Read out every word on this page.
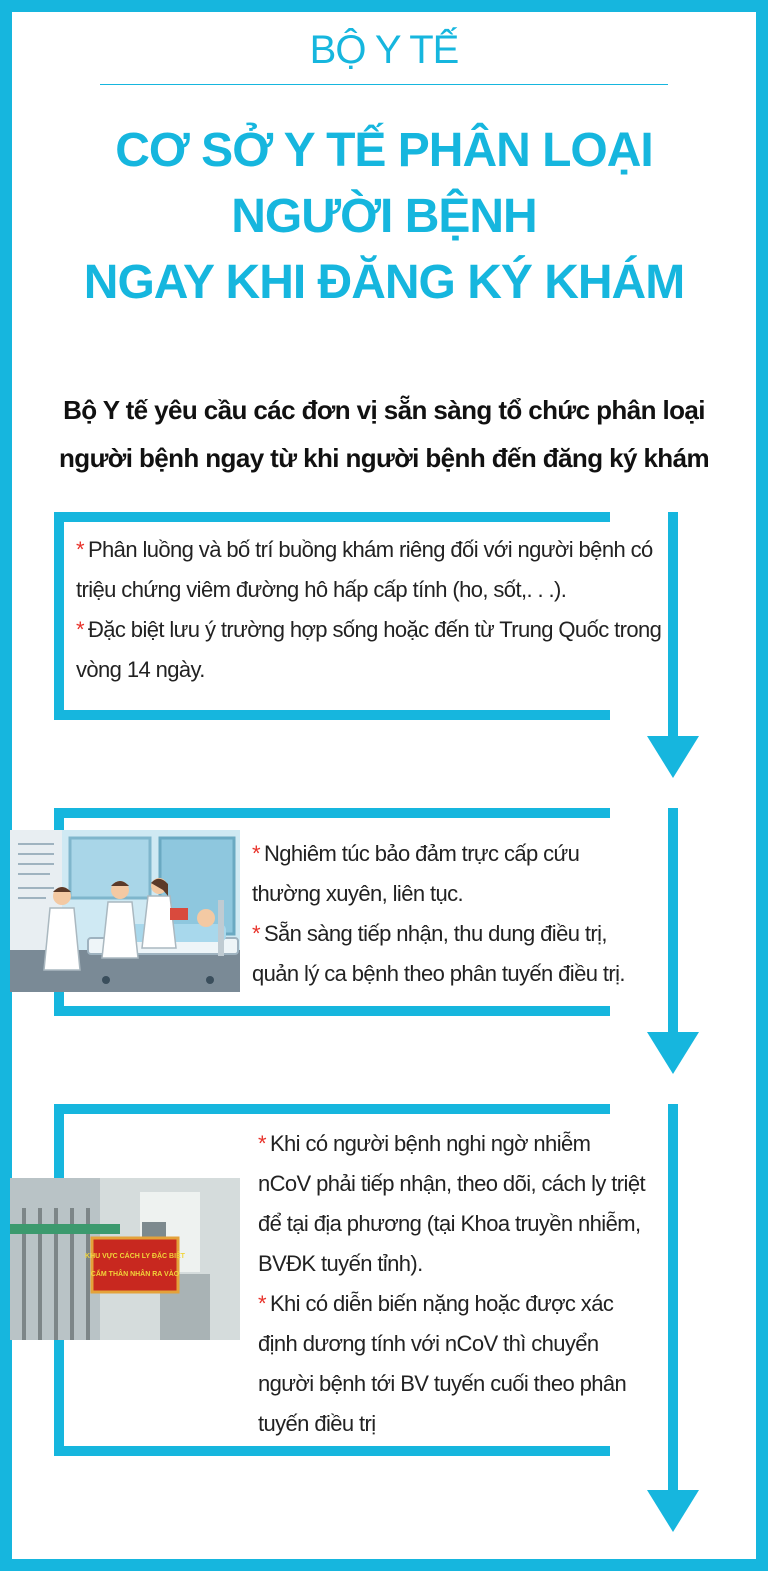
BỘ Y TẾ
CƠ SỞ Y TẾ PHÂN LOẠI
NGƯỜI BỆNH
NGAY KHI ĐĂNG KÝ KHÁM
Bộ Y tế yêu cầu các đơn vị sẵn sàng tổ chức phân loại
người bệnh ngay từ khi người bệnh đến đăng ký khám

* Phân luồng và bố trí buồng khám riêng đối với người bệnh có triệu chứng viêm đường hô hấp cấp tính (ho, sốt,. . .).

* Đặc biệt lưu ý trường hợp sống hoặc đến từ Trung Quốc trong vòng 14 ngày.

* Nghiêm túc bảo đảm trực cấp cứu thường xuyên, liên tục.

* Sẵn sàng tiếp nhận, thu dung điều trị, quản lý ca bệnh theo phân tuyến điều trị.

KHU VỰC CÁCH LY ĐẶC BIỆT
CẤM THÂN NHÂN RA VÀO

* Khi có người bệnh nghi ngờ nhiễm nCoV phải tiếp nhận, theo dõi, cách ly triệt để tại địa phương (tại Khoa truyền nhiễm, BVĐK tuyến tỉnh).

* Khi có diễn biến nặng hoặc được xác định dương tính với nCoV thì chuyển người bệnh tới BV tuyến cuối theo phân tuyến điều trị
